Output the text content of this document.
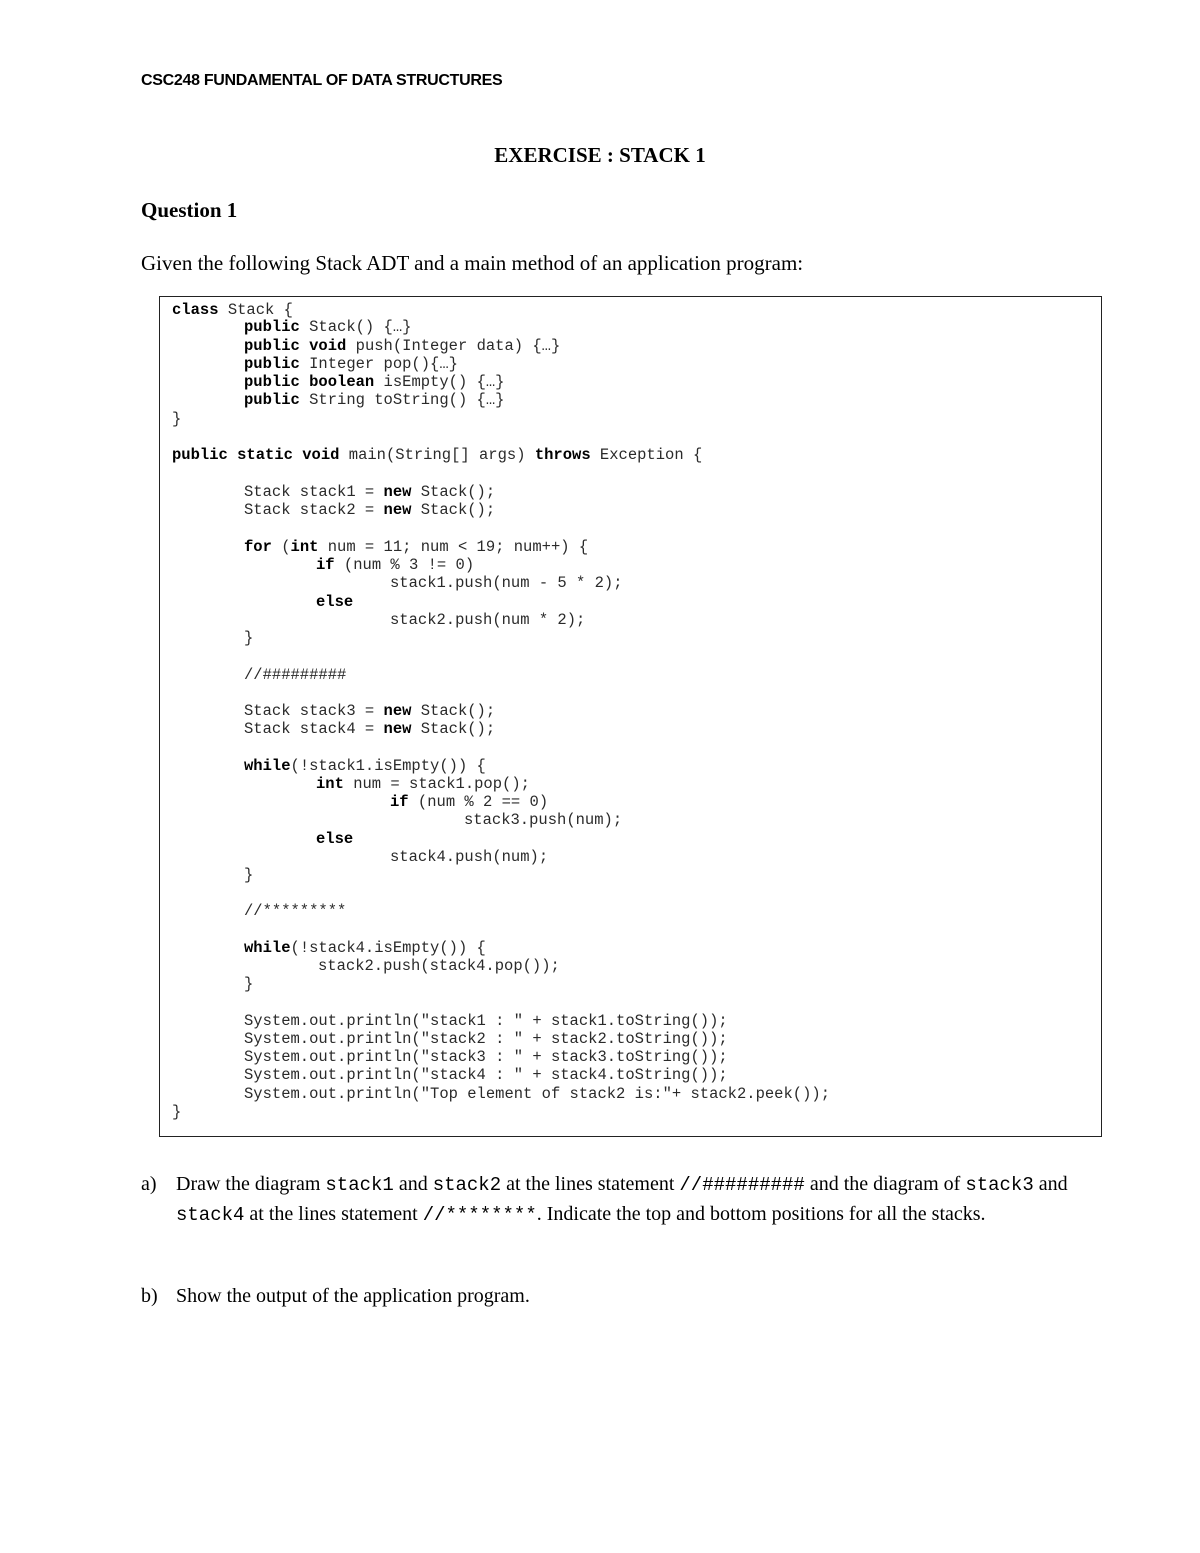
CSC248 FUNDAMENTAL OF DATA STRUCTURES
EXERCISE : STACK 1
Question 1
Given the following Stack ADT and a main method of an application program:
class Stack {
public Stack() {…}
public void push(Integer data) {…}
public Integer pop(){…}
public boolean isEmpty() {…}
public String toString() {…}
}
public static void main(String[] args) throws Exception {
Stack stack1 = new Stack();
Stack stack2 = new Stack();
for (int num = 11; num < 19; num++) {
if (num % 3 != 0)
stack1.push(num - 5 * 2);
else
stack2.push(num * 2);
}
//#########
Stack stack3 = new Stack();
Stack stack4 = new Stack();
while(!stack1.isEmpty()) {
int num = stack1.pop();
if (num % 2 == 0)
stack3.push(num);
else
stack4.push(num);
}
//*********
while(!stack4.isEmpty()) {
stack2.push(stack4.pop());
}
System.out.println("stack1 : " + stack1.toString());
System.out.println("stack2 : " + stack2.toString());
System.out.println("stack3 : " + stack3.toString());
System.out.println("stack4 : " + stack4.toString());
System.out.println("Top element of stack2 is:"+ stack2.peek());
}
a) Draw the diagram stack1 and stack2 at the lines statement //######### and the diagram of stack3 and stack4 at the lines statement //********. Indicate the top and bottom positions for all the stacks.
b) Show the output of the application program.
